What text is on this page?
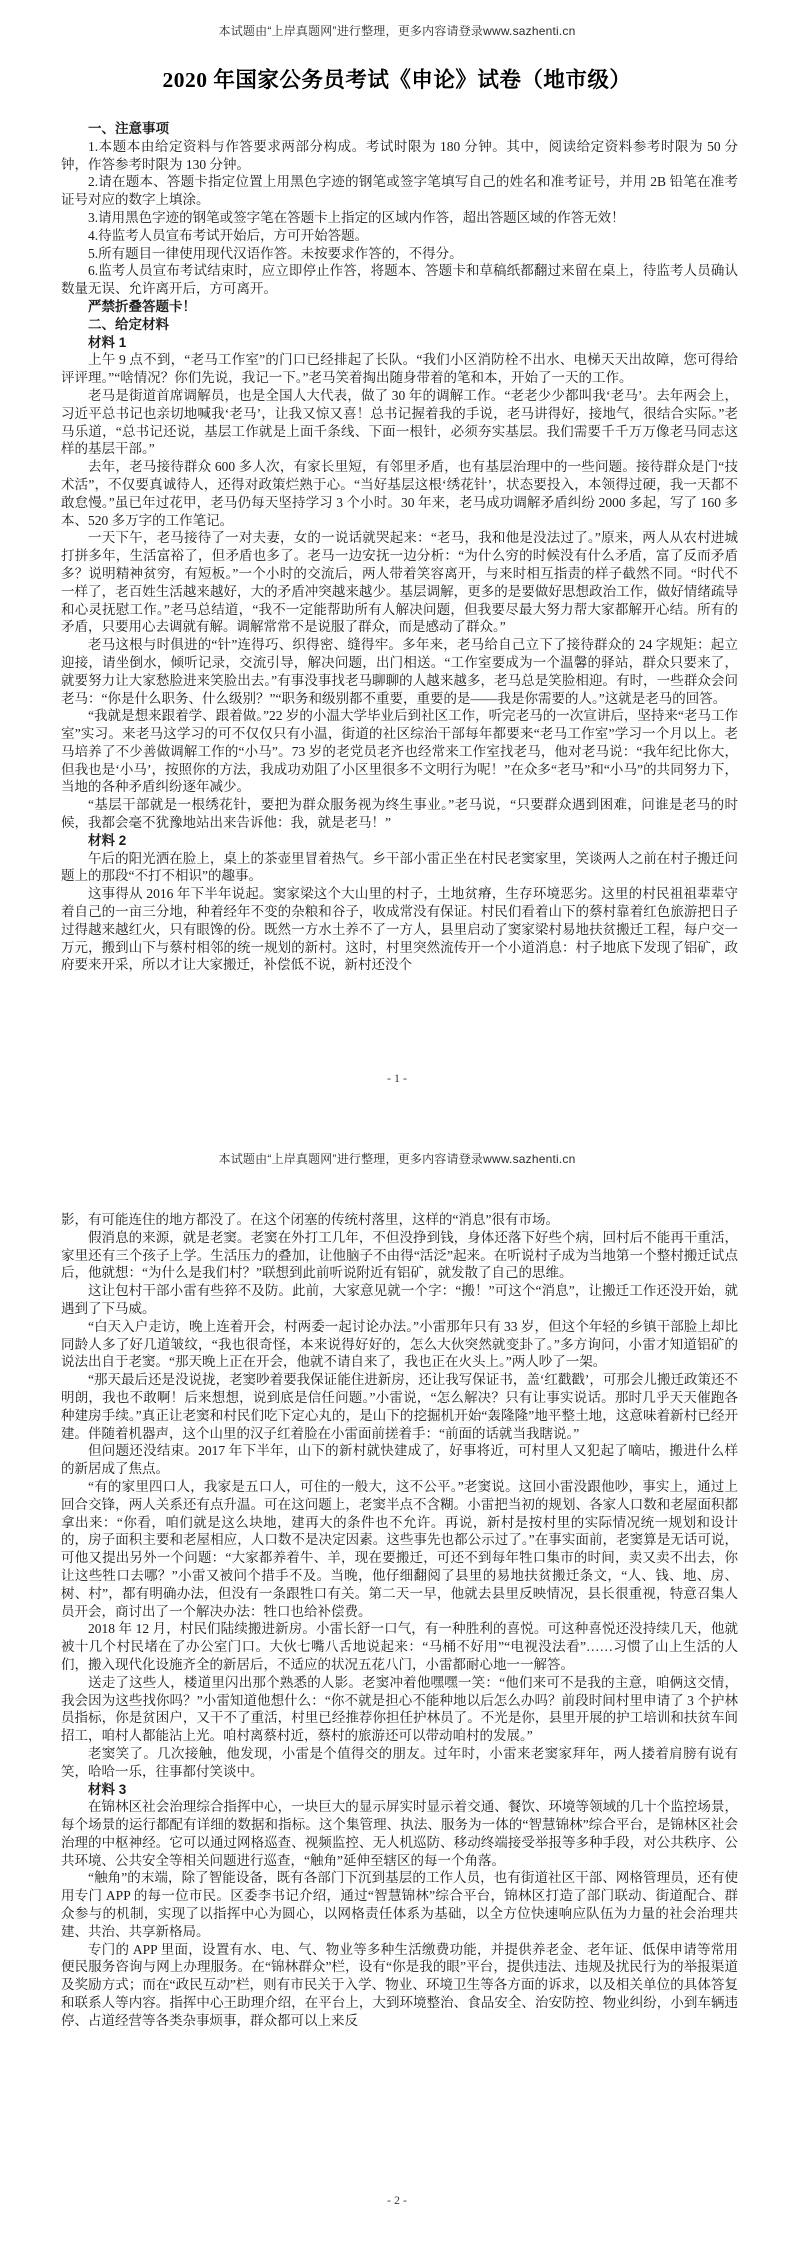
本试题由“上岸真题网”进行整理，更多内容请登录www.sazhenti.cn
2020 年国家公务员考试《申论》试卷（地市级）

一、注意事项

1.本题本由给定资料与作答要求两部分构成。考试时限为 180 分钟。其中，阅读给定资料参考时限为 50 分钟，作答参考时限为 130 分钟。

2.请在题本、答题卡指定位置上用黑色字迹的钢笔或签字笔填写自己的姓名和准考证号，并用 2B 铅笔在准考证号对应的数字上填涂。

3.请用黑色字迹的钢笔或签字笔在答题卡上指定的区域内作答，超出答题区域的作答无效！

4.待监考人员宣布考试开始后，方可开始答题。

5.所有题目一律使用现代汉语作答。未按要求作答的，不得分。

6.监考人员宣布考试结束时，应立即停止作答，将题本、答题卡和草稿纸都翻过来留在桌上，待监考人员确认数量无误、允许离开后，方可离开。

严禁折叠答题卡！

二、给定材料

材料 1

上午 9 点不到，“老马工作室”的门口已经排起了长队。“我们小区消防栓不出水、电梯天天出故障，您可得给评评理。”“啥情况？你们先说，我记一下。”老马笑着掏出随身带着的笔和本，开始了一天的工作。

老马是街道首席调解员，也是全国人大代表，做了 30 年的调解工作。“老老少少都叫我‘老马’。去年两会上，习近平总书记也亲切地喊我‘老马’，让我又惊又喜！总书记握着我的手说，老马讲得好，接地气，很结合实际。”老马乐道，“总书记还说，基层工作就是上面千条线、下面一根针，必须夯实基层。我们需要千千万万像老马同志这样的基层干部。”

去年，老马接待群众 600 多人次，有家长里短，有邻里矛盾，也有基层治理中的一些问题。接待群众是门“技术活”，不仅要真诚待人，还得对政策烂熟于心。“当好基层这根‘绣花针’，状态要投入，本领得过硬，我一天都不敢怠慢。”虽已年过花甲，老马仍每天坚持学习 3 个小时。30 年来，老马成功调解矛盾纠纷 2000 多起，写了 160 多本、520 多万字的工作笔记。

一天下午，老马接待了一对夫妻，女的一说话就哭起来：“老马，我和他是没法过了。”原来，两人从农村进城打拼多年，生活富裕了，但矛盾也多了。老马一边安抚一边分析：“为什么穷的时候没有什么矛盾，富了反而矛盾多？说明精神贫穷，有短板。”一个小时的交流后，两人带着笑容离开，与来时相互指责的样子截然不同。“时代不一样了，老百姓生活越来越好，大的矛盾冲突越来越少。基层调解，更多的是要做好思想政治工作，做好情绪疏导和心灵抚慰工作。”老马总结道，“我不一定能帮助所有人解决问题，但我要尽最大努力帮大家都解开心结。所有的矛盾，只要用心去调就有解。调解常常不是说服了群众，而是感动了群众。”

老马这根与时俱进的“针”连得巧、织得密、缝得牢。多年来，老马给自己立下了接待群众的 24 字规矩：起立迎接，请坐倒水，倾听记录，交流引导，解决问题，出门相送。“工作室要成为一个温馨的驿站，群众只要来了，就要努力让大家愁脸进来笑脸出去。”有事没事找老马聊聊的人越来越多，老马总是笑脸相迎。有时，一些群众会问老马：“你是什么职务、什么级别？”“职务和级别都不重要，重要的是——我是你需要的人。”这就是老马的回答。

“我就是想来跟着学、跟着做。”22 岁的小温大学毕业后到社区工作，听完老马的一次宣讲后，坚持来“老马工作室”实习。来老马这学习的可不仅仅只有小温，街道的社区综治干部每年都要来“老马工作室”学习一个月以上。老马培养了不少善做调解工作的“小马”。73 岁的老党员老齐也经常来工作室找老马，他对老马说：“我年纪比你大，但我也是‘小马’，按照你的方法，我成功劝阻了小区里很多不文明行为呢！”在众多“老马”和“小马”的共同努力下，当地的各种矛盾纠纷逐年减少。

“基层干部就是一根绣花针，要把为群众服务视为终生事业。”老马说，“只要群众遇到困难，问谁是老马的时候，我都会毫不犹豫地站出来告诉他：我，就是老马！”

材料 2

午后的阳光洒在脸上，桌上的茶壶里冒着热气。乡干部小雷正坐在村民老窦家里，笑谈两人之前在村子搬迁问题上的那段“不打不相识”的趣事。

这事得从 2016 年下半年说起。窦家梁这个大山里的村子，土地贫瘠，生存环境恶劣。这里的村民祖祖辈辈守着自己的一亩三分地，种着经年不变的杂粮和谷子，收成常没有保证。村民们看着山下的蔡村靠着红色旅游把日子过得越来越红火，只有眼馋的份。既然一方水土养不了一方人，县里启动了窦家梁村易地扶贫搬迁工程，每户交一万元，搬到山下与蔡村相邻的统一规划的新村。这时，村里突然流传开一个小道消息：村子地底下发现了铝矿，政府要来开采，所以才让大家搬迁，补偿低不说，新村还没个

- 1 -
本试题由“上岸真题网”进行整理，更多内容请登录www.sazhenti.cn

影，有可能连住的地方都没了。在这个闭塞的传统村落里，这样的“消息”很有市场。

假消息的来源，就是老窦。老窦在外打工几年，不但没挣到钱，身体还落下好些个病，回村后不能再干重活，家里还有三个孩子上学。生活压力的叠加，让他脑子不由得“活泛”起来。在听说村子成为当地第一个整村搬迁试点后，他就想：“为什么是我们村？”联想到此前听说附近有铝矿，就发散了自己的思维。

这让包村干部小雷有些猝不及防。此前，大家意见就一个字：“搬！”可这个“消息”，让搬迁工作还没开始，就遇到了下马威。

“白天入户走访，晚上连着开会，村两委一起讨论办法。”小雷那年只有 33 岁，但这个年轻的乡镇干部脸上却比同龄人多了好几道皱纹，“我也很奇怪，本来说得好好的，怎么大伙突然就变卦了。”多方询问，小雷才知道铝矿的说法出自于老窦。“那天晚上正在开会，他就不请自来了，我也正在火头上。”两人吵了一架。

“那天最后还是没说拢，老窦吵着要我保证能住进新房，还让我写保证书，盖‘红戳戳’，可那会儿搬迁政策还不明朗，我也不敢啊！后来想想，说到底是信任问题。”小雷说，“怎么解决？只有让事实说话。那时几乎天天催跑各种建房手续。”真正让老窦和村民们吃下定心丸的，是山下的挖掘机开始“轰隆隆”地平整土地，这意味着新村已经开建。伴随着机器声，这个山里的汉子红着脸在小雷面前搓着手：“前面的话就当我瞎说。”

但问题还没结束。2017 年下半年，山下的新村就快建成了，好事将近，可村里人又犯起了嘀咕，搬进什么样的新居成了焦点。

“有的家里四口人，我家是五口人，可住的一般大，这不公平。”老窦说。这回小雷没跟他吵，事实上，通过上回合交锋，两人关系还有点升温。可在这问题上，老窦半点不含糊。小雷把当初的规划、各家人口数和老屋面积都拿出来：“你看，咱们就是这么块地，建再大的条件也不允许。再说，新村是按村里的实际情况统一规划和设计的，房子面积主要和老屋相应，人口数不是决定因素。这些事先也都公示过了。”在事实面前，老窦算是无话可说，可他又提出另外一个问题：“大家都养着牛、羊，现在要搬迁，可还不到每年牲口集市的时间，卖又卖不出去，你让这些牲口去哪？”小雷又被问个措手不及。当晚，他仔细翻阅了县里的易地扶贫搬迁条文，“人、钱、地、房、树、村”，都有明确办法，但没有一条跟牲口有关。第二天一早，他就去县里反映情况，县长很重视，特意召集人员开会，商讨出了一个解决办法：牲口也给补偿费。

2018 年 12 月，村民们陆续搬进新房。小雷长舒一口气，有一种胜利的喜悦。可这种喜悦还没持续几天，他就被十几个村民堵在了办公室门口。大伙七嘴八舌地说起来：“马桶不好用”“电视没法看”……习惯了山上生活的人们，搬入现代化设施齐全的新居后，不适应的状况五花八门，小雷都耐心地一一解答。

送走了这些人，楼道里闪出那个熟悉的人影。老窦冲着他嘿嘿一笑：“他们来可不是我的主意，咱俩这交情，我会因为这些找你吗？”小雷知道他想什么：“你不就是担心不能种地以后怎么办吗？前段时间村里申请了 3 个护林员指标，你是贫困户，又干不了重活，村里已经推荐你担任护林员了。不光是你，县里开展的护工培训和扶贫车间招工，咱村人都能沾上光。咱村离蔡村近，蔡村的旅游还可以带动咱村的发展。”

老窦笑了。几次接触，他发现，小雷是个值得交的朋友。过年时，小雷来老窦家拜年，两人搂着肩膀有说有笑，哈哈一乐，往事都付笑谈中。

材料 3

在锦林区社会治理综合指挥中心，一块巨大的显示屏实时显示着交通、餐饮、环境等领域的几十个监控场景，每个场景的运行都配有详细的数据和指标。这个集管理、执法、服务为一体的“智慧锦林”综合平台，是锦林区社会治理的中枢神经。它可以通过网格巡查、视频监控、无人机巡防、移动终端接受举报等多种手段，对公共秩序、公共环境、公共安全等相关问题进行巡查，“触角”延伸至辖区的每一个角落。

“触角”的末端，除了智能设备，既有各部门下沉到基层的工作人员，也有街道社区干部、网格管理员，还有使用专门 APP 的每一位市民。区委李书记介绍，通过“智慧锦林”综合平台，锦林区打造了部门联动、街道配合、群众参与的机制，实现了以指挥中心为圆心，以网格责任体系为基础，以全方位快速响应队伍为力量的社会治理共建、共治、共享新格局。

专门的 APP 里面，设置有水、电、气、物业等多种生活缴费功能，并提供养老金、老年证、低保申请等常用便民服务咨询与网上办理服务。在“锦林群众”栏，设有“你是我的眼”平台，提供违法、违规及扰民行为的举报渠道及奖励方式；而在“政民互动”栏，则有市民关于入学、物业、环境卫生等各方面的诉求，以及相关单位的具体答复和联系人等内容。指挥中心王助理介绍，在平台上，大到环境整治、食品安全、治安防控、物业纠纷，小到车辆违停、占道经营等各类杂事烦事，群众都可以上来反

- 2 -
